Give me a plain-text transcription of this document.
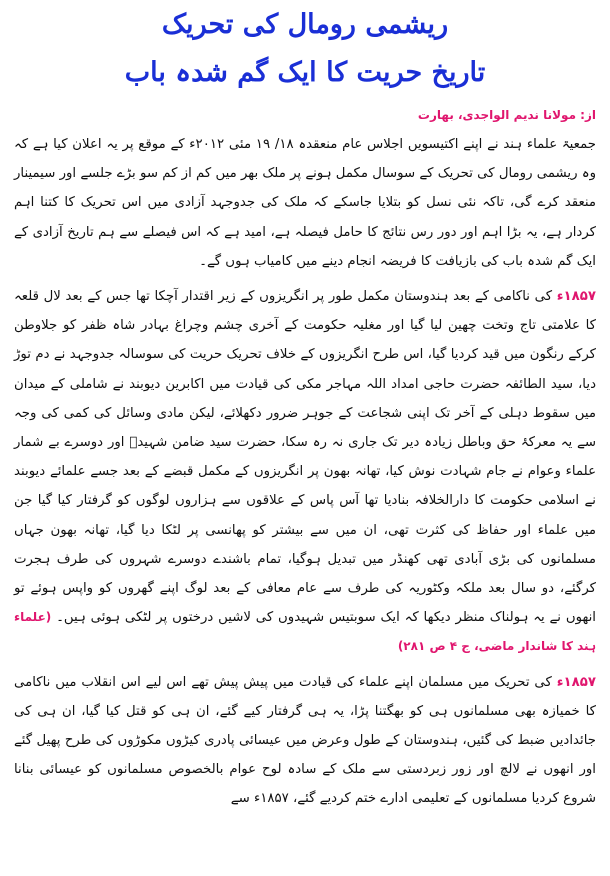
ریشمی رومال کی تحریک
تاریخ حریت کا ایک گم شدہ باب
از: مولانا ندیم الواجدی، بھارت

جمعیۃ علماء ہند نے اپنے اکتیسویں اجلاس عام منعقدہ ۱۸/ ۱۹ مئی ۲۰۱۲ء کے موقع پر یہ اعلان کیا ہے کہ وہ ریشمی رومال کی تحریک کے سوسال مکمل ہونے پر ملک بھر میں کم از کم سو بڑے جلسے اور سیمینار منعقد کرے گی، تاکہ نئی نسل کو بتلایا جاسکے کہ ملک کی جدوجہد آزادی میں اس تحریک کا کتنا اہم کردار ہے، یہ بڑا اہم اور دور رس نتائج کا حامل فیصلہ ہے، امید ہے کہ اس فیصلے سے ہم تاریخ آزادی کے ایک گم شدہ باب کی بازیافت کا فریضہ انجام دینے میں کامیاب ہوں گے۔

۱۸۵۷ء کی ناکامی کے بعد ہندوستان مکمل طور پر انگریزوں کے زیر اقتدار آچکا تھا جس کے بعد لال قلعہ کا علامتی تاج وتخت چھین لیا گیا اور مغلیہ حکومت کے آخری چشم وچراغ بہادر شاہ ظفر کو جلاوطن کرکے رنگون میں قید کردیا گیا، اس طرح انگریزوں کے خلاف تحریک حریت کی سوسالہ جدوجہد نے دم توڑ دیا، سید الطائفہ حضرت حاجی امداد اللہ مہاجر مکی کی قیادت میں اکابرین دیوبند نے شاملی کے میدان میں سقوط دہلی کے آخر تک اپنی شجاعت کے جوہر ضرور دکھلائے، لیکن مادی وسائل کی کمی کی وجہ سے یہ معرکۂ حق وباطل زیادہ دیر تک جاری نہ رہ سکا، حضرت سید ضامن شہیدؒ اور دوسرے بے شمار علماء وعوام نے جام شہادت نوش کیا، تھانہ بھون پر انگریزوں کے مکمل قبضے کے بعد جسے علمائے دیوبند نے اسلامی حکومت کا دارالخلافہ بنادیا تھا آس پاس کے علاقوں سے ہزاروں لوگوں کو گرفتار کیا گیا جن میں علماء اور حفاظ کی کثرت تھی، ان میں سے بیشتر کو پھانسی پر لٹکا دیا گیا، تھانہ بھون جہاں مسلمانوں کی بڑی آبادی تھی کھنڈر میں تبدیل ہوگیا، تمام باشندے دوسرے شہروں کی طرف ہجرت کرگئے، دو سال بعد ملکہ وکٹوریہ کی طرف سے عام معافی کے بعد لوگ اپنے گھروں کو واپس ہوئے تو انھوں نے یہ ہولناک منظر دیکھا کہ ایک سوبتیس شہیدوں کی لاشیں درختوں پر لٹکی ہوئی ہیں۔ (علماء ہند کا شاندار ماضی، ج ۴ ص ۲۸۱)

۱۸۵۷ء کی تحریک میں مسلمان اپنے علماء کی قیادت میں پیش پیش تھے اس لیے اس انقلاب میں ناکامی کا خمیازہ بھی مسلمانوں ہی کو بھگتنا پڑا، یہ ہی گرفتار کیے گئے، ان ہی کو قتل کیا گیا، ان ہی کی جائدادیں ضبط کی گئیں، ہندوستان کے طول وعرض میں عیسائی پادری کیڑوں مکوڑوں کی طرح پھیل گئے اور انھوں نے لالچ اور زور زبردستی سے ملک کے سادہ لوح عوام بالخصوص مسلمانوں کو عیسائی بنانا شروع کردیا مسلمانوں کے تعلیمی ادارے ختم کردیے گئے، ۱۸۵۷ء سے
